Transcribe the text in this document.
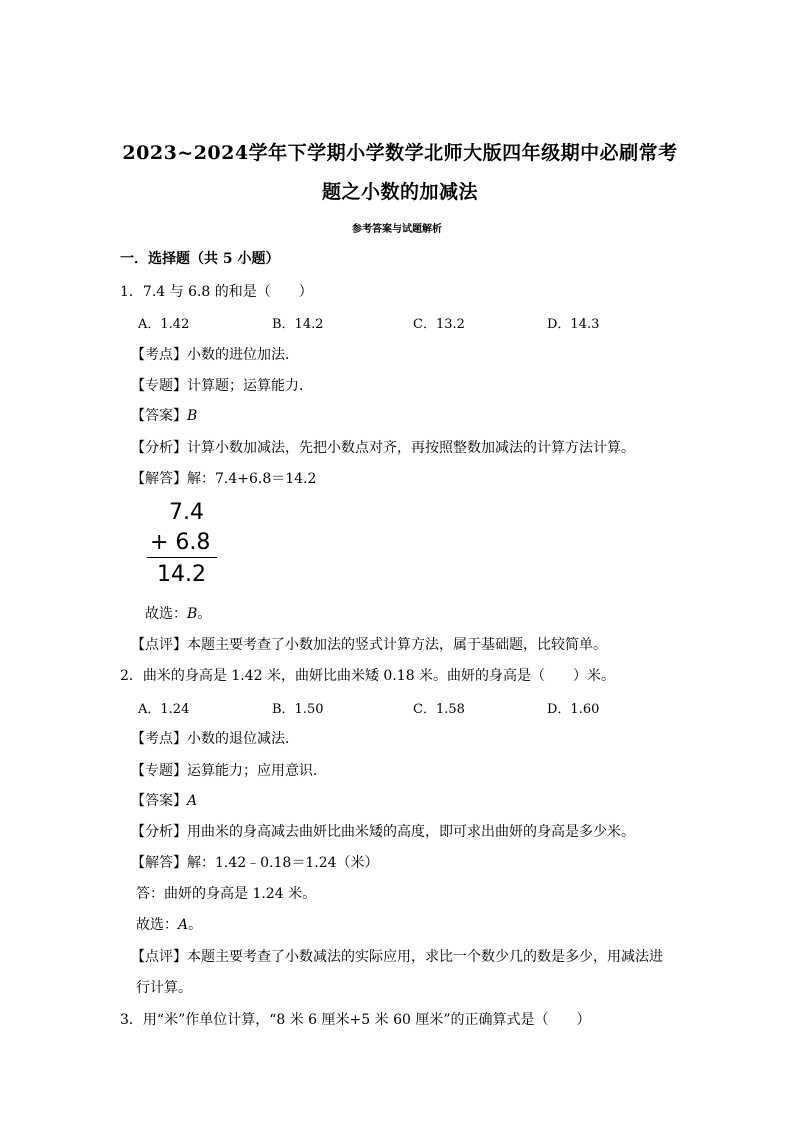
2023~2024学年下学期小学数学北师大版四年级期中必刷常考
题之小数的加减法
参考答案与试题解析
一．选择题（共 5 小题）
1．7.4 与 6.8 的和是（　　）
A．1.42	B．14.2	C．13.2	D．14.3
【考点】小数的进位加法．
【专题】计算题；运算能力．
【答案】B
【分析】计算小数加减法，先把小数点对齐，再按照整数加减法的计算方法计算。
【解答】解：7.4+6.8＝14.2
7.4
+ 6.8
14.2
故选：B。
【点评】本题主要考查了小数加法的竖式计算方法，属于基础题，比较简单。
2．曲米的身高是 1.42 米，曲妍比曲米矮 0.18 米。曲妍的身高是（　　）米。
A．1.24	B．1.50	C．1.58	D．1.60
【考点】小数的退位减法．
【专题】运算能力；应用意识．
【答案】A
【分析】用曲米的身高减去曲妍比曲米矮的高度，即可求出曲妍的身高是多少米。
【解答】解：1.42﹣0.18＝1.24（米）
答：曲妍的身高是 1.24 米。
故选：A。
【点评】本题主要考查了小数减法的实际应用，求比一个数少几的数是多少，用减法进
行计算。
3．用“米”作单位计算，“8 米 6 厘米+5 米 60 厘米”的正确算式是（　　）
